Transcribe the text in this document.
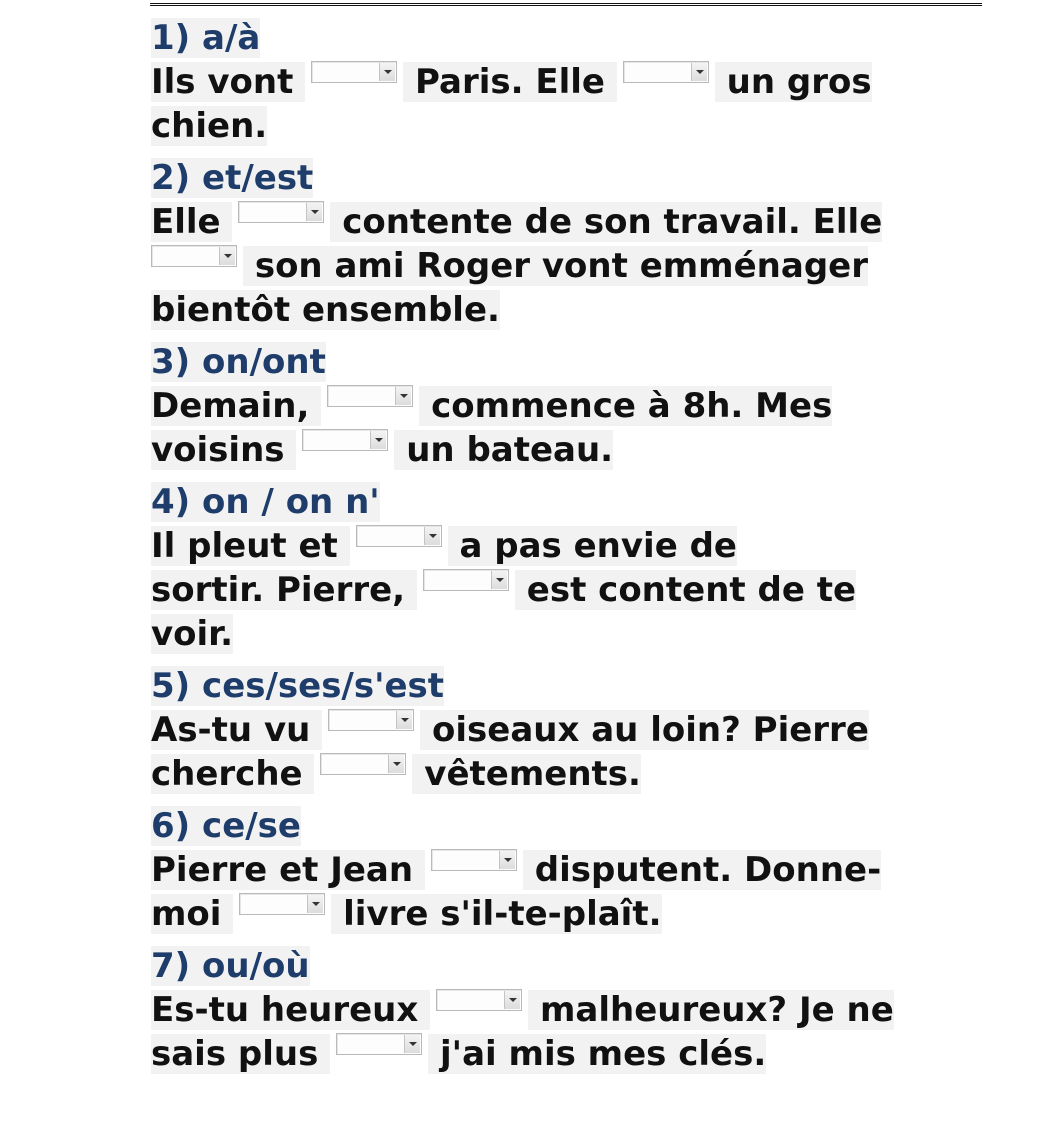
1) a/à
Ils vont	Paris. Elle	un gros
chien.
2) et/est
Elle	contente de son travail. Elle
son ami Roger vont emménager
bientôt ensemble.
3) on/ont
Demain,	commence à 8h. Mes
voisins	un bateau.
4) on / on n'
Il pleut et	a pas envie de
sortir. Pierre,	est content de te
voir.
5) ces/ses/s'est
As-tu vu	oiseaux au loin? Pierre
cherche	vêtements.
6) ce/se
Pierre et Jean	disputent. Donne-
moi	livre s'il-te-plaît.
7) ou/où
Es-tu heureux	malheureux? Je ne
sais plus	j'ai mis mes clés.
